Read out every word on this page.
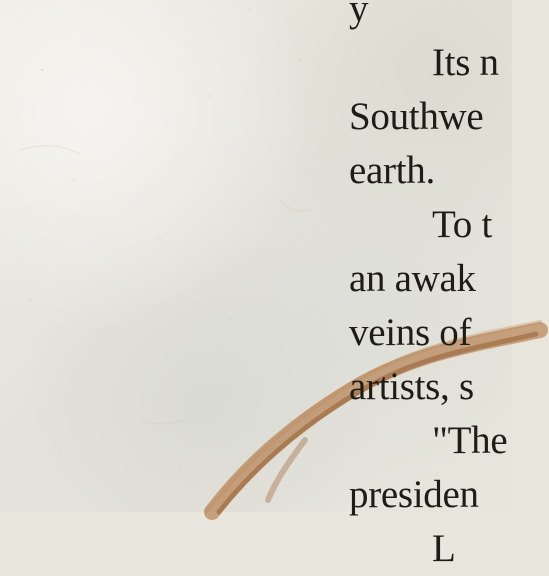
y
Its n
Southwe
earth.
To t
an awak
veins of
artists, s
"The
presiden
L
